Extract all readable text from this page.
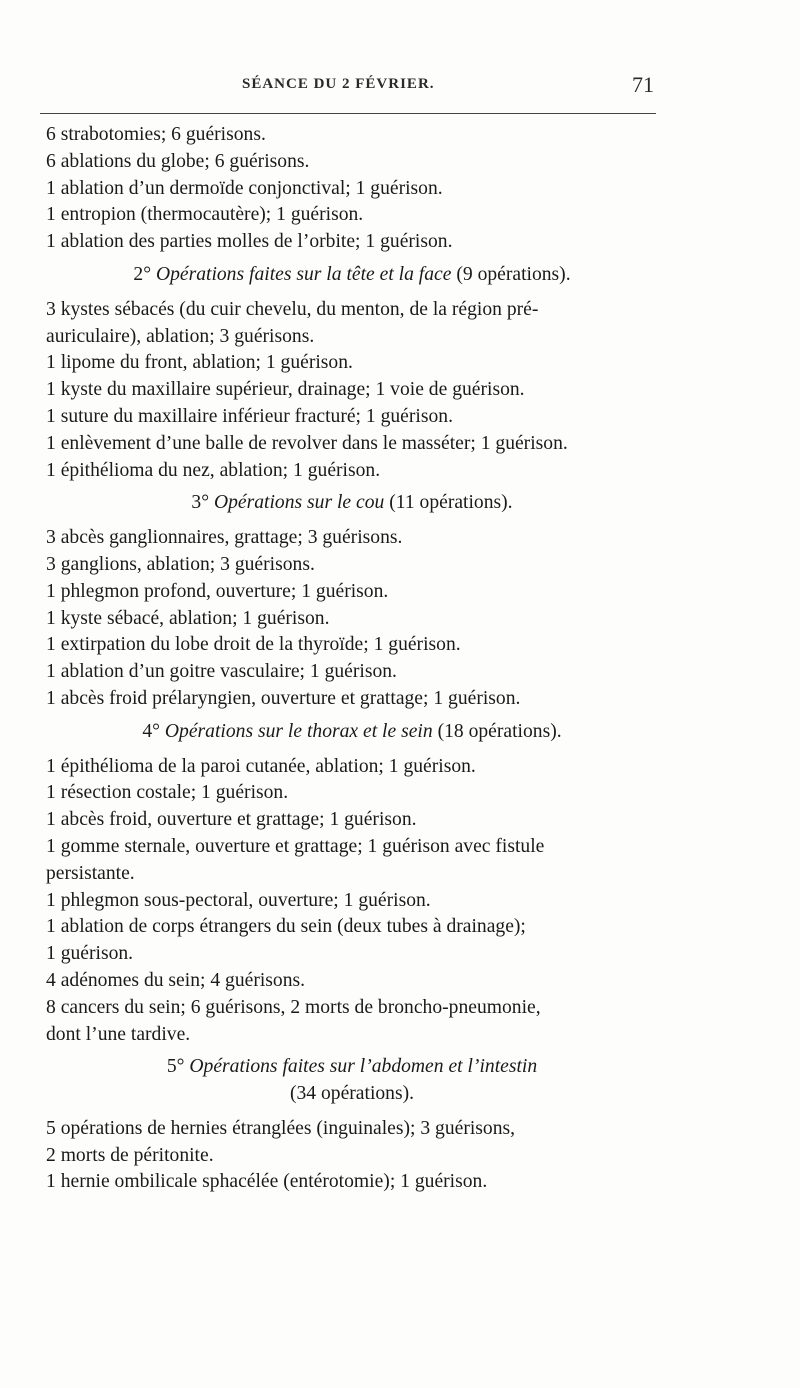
SÉANCE DU 2 FÉVRIER.	71
6 strabotomies; 6 guérisons.
6 ablations du globe; 6 guérisons.
1 ablation d’un dermoïde conjonctival; 1 guérison.
1 entropion (thermocautère); 1 guérison.
1 ablation des parties molles de l’orbite; 1 guérison.
2° Opérations faites sur la tête et la face (9 opérations).
3 kystes sébacés (du cuir chevelu, du menton, de la région pré-
auriculaire), ablation; 3 guérisons.
1 lipome du front, ablation; 1 guérison.
1 kyste du maxillaire supérieur, drainage; 1 voie de guérison.
1 suture du maxillaire inférieur fracturé; 1 guérison.
1 enlèvement d’une balle de revolver dans le masséter; 1 guérison.
1 épithélioma du nez, ablation; 1 guérison.
3° Opérations sur le cou (11 opérations).
3 abcès ganglionnaires, grattage; 3 guérisons.
3 ganglions, ablation; 3 guérisons.
1 phlegmon profond, ouverture; 1 guérison.
1 kyste sébacé, ablation; 1 guérison.
1 extirpation du lobe droit de la thyroïde; 1 guérison.
1 ablation d’un goitre vasculaire; 1 guérison.
1 abcès froid prélaryngien, ouverture et grattage; 1 guérison.
4° Opérations sur le thorax et le sein (18 opérations).
1 épithélioma de la paroi cutanée, ablation; 1 guérison.
1 résection costale; 1 guérison.
1 abcès froid, ouverture et grattage; 1 guérison.
1 gomme sternale, ouverture et grattage; 1 guérison avec fistule
persistante.
1 phlegmon sous-pectoral, ouverture; 1 guérison.
1 ablation de corps étrangers du sein (deux tubes à drainage);
1 guérison.
4 adénomes du sein; 4 guérisons.
8 cancers du sein; 6 guérisons, 2 morts de broncho-pneumonie,
dont l’une tardive.
5° Opérations faites sur l’abdomen et l’intestin
(34 opérations).
5 opérations de hernies étranglées (inguinales); 3 guérisons,
2 morts de péritonite.
1 hernie ombilicale sphacélée (entérotomie); 1 guérison.
